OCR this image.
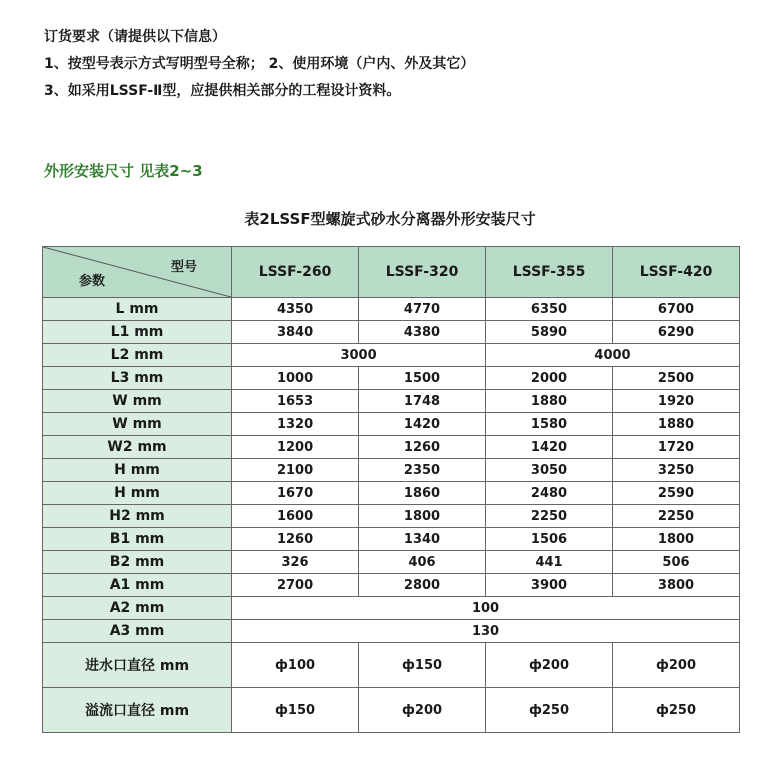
订货要求（请提供以下信息）
1、按型号表示方式写明型号全称； 2、使用环境（户内、外及其它）
3、如采用LSSF-Ⅱ型，应提供相关部分的工程设计资料。
外形安装尺寸 见表2~3
表2LSSF型螺旋式砂水分离器外形安装尺寸
型号
参数	LSSF-260	LSSF-320	LSSF-355	LSSF-420
L mm	4350	4770	6350	6700
L1 mm	3840	4380	5890	6290
L2 mm	3000		4000	
L3 mm	1000	1500	2000	2500
W mm	1653	1748	1880	1920
W mm	1320	1420	1580	1880
W2 mm	1200	1260	1420	1720
H mm	2100	2350	3050	3250
H mm	1670	1860	2480	2590
H2 mm	1600	1800	2250	2250
B1 mm	1260	1340	1506	1800
B2 mm	326	406	441	506
A1 mm	2700	2800	3900	3800
A2 mm	100			
A3 mm	130			
进水口直径 mm	ф100	ф150	ф200	ф200
溢流口直径 mm	ф150	ф200	ф250	ф250
